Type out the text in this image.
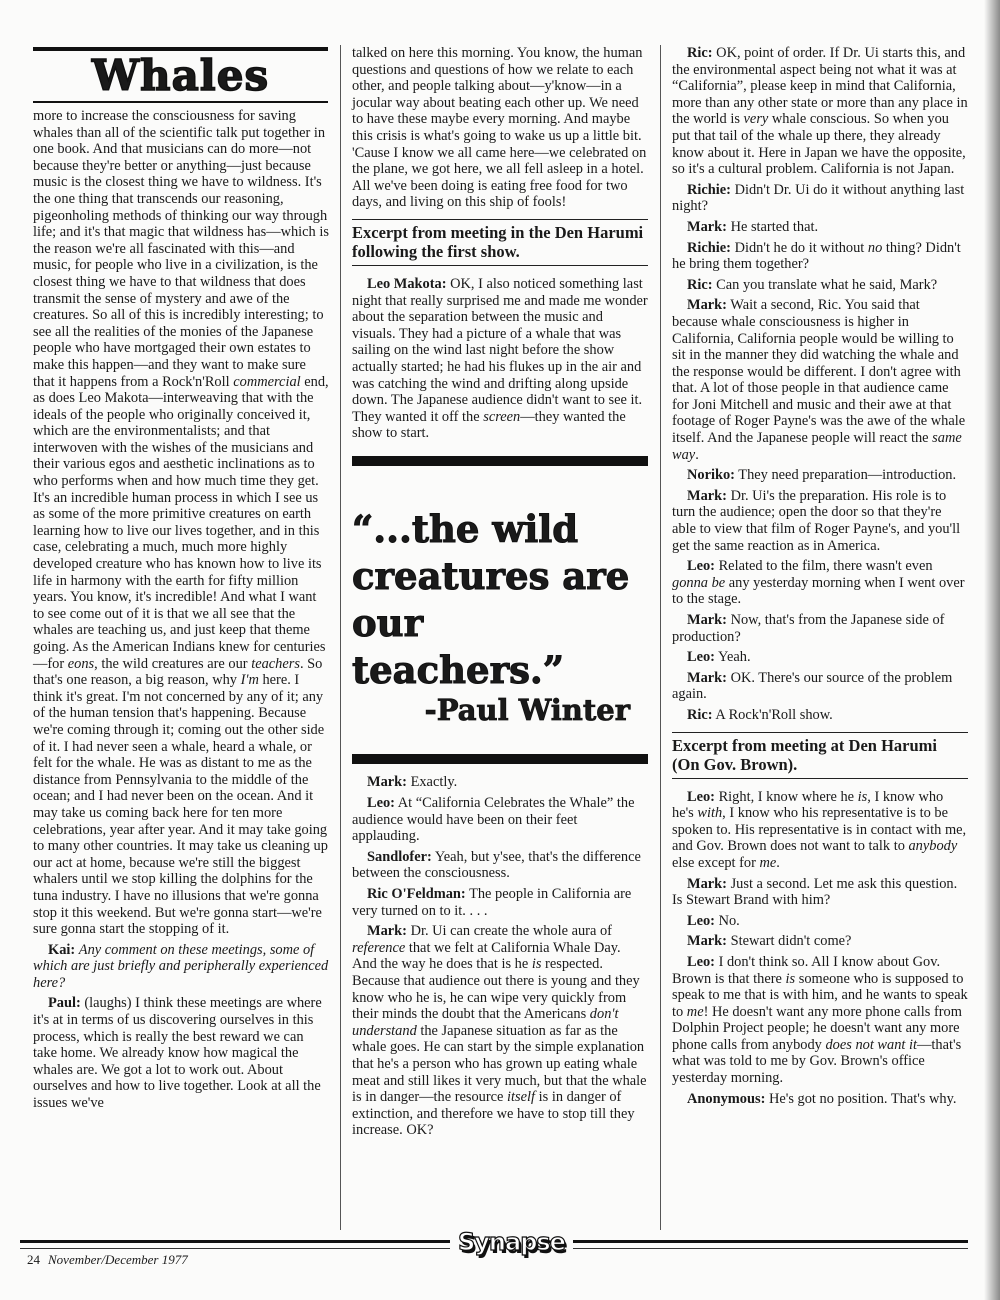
Whales

more to increase the consciousness for saving whales than all of the scientific talk put together in one book. And that musicians can do more—not because they're better or anything—just because music is the closest thing we have to wildness. It's the one thing that transcends our reasoning, pigeonholing methods of thinking our way through life; and it's that magic that wildness has—which is the reason we're all fascinated with this—and music, for people who live in a civilization, is the closest thing we have to that wildness that does transmit the sense of mystery and awe of the creatures. So all of this is incredibly interesting; to see all the realities of the monies of the Japanese people who have mortgaged their own estates to make this happen—and they want to make sure that it happens from a Rock'n'Roll commercial end, as does Leo Makota—interweaving that with the ideals of the people who originally conceived it, which are the environmentalists; and that interwoven with the wishes of the musicians and their various egos and aesthetic inclinations as to who performs when and how much time they get. It's an incredible human process in which I see us as some of the more primitive creatures on earth learning how to live our lives together, and in this case, celebrating a much, much more highly developed creature who has known how to live its life in harmony with the earth for fifty million years. You know, it's incredible! And what I want to see come out of it is that we all see that the whales are teaching us, and just keep that theme going. As the American Indians knew for centuries—for eons, the wild creatures are our teachers. So that's one reason, a big reason, why I'm here. I think it's great. I'm not concerned by any of it; any of the human tension that's happening. Because we're coming through it; coming out the other side of it. I had never seen a whale, heard a whale, or felt for the whale. He was as distant to me as the distance from Pennsylvania to the middle of the ocean; and I had never been on the ocean. And it may take us coming back here for ten more celebrations, year after year. And it may take going to many other countries. It may take us cleaning up our act at home, because we're still the biggest whalers until we stop killing the dolphins for the tuna industry. I have no illusions that we're gonna stop it this weekend. But we're gonna start—we're sure gonna start the stopping of it.

Kai: Any comment on these meetings, some of which are just briefly and peripherally experienced here?

Paul: (laughs) I think these meetings are where it's at in terms of us discovering ourselves in this process, which is really the best reward we can take home. We already know how magical the whales are. We got a lot to work out. About ourselves and how to live together. Look at all the issues we've

talked on here this morning. You know, the human questions and questions of how we relate to each other, and people talking about—y'know—in a jocular way about beating each other up. We need to have these maybe every morning. And maybe this crisis is what's going to wake us up a little bit. 'Cause I know we all came here—we celebrated on the plane, we got here, we all fell asleep in a hotel. All we've been doing is eating free food for two days, and living on this ship of fools!

Excerpt from meeting in the Den Harumi following the first show.

Leo Makota: OK, I also noticed something last night that really surprised me and made me wonder about the separation between the music and visuals. They had a picture of a whale that was sailing on the wind last night before the show actually started; he had his flukes up in the air and was catching the wind and drifting along upside down. The Japanese audience didn't want to see it. They wanted it off the screen—they wanted the show to start.

“...the wild creatures are our teachers.”
-Paul Winter

Mark: Exactly.

Leo: At “California Celebrates the Whale” the audience would have been on their feet applauding.

Sandlofer: Yeah, but y'see, that's the difference between the consciousness.

Ric O'Feldman: The people in California are very turned on to it. . . .

Mark: Dr. Ui can create the whole aura of reference that we felt at California Whale Day. And the way he does that is he is respected. Because that audience out there is young and they know who he is, he can wipe very quickly from their minds the doubt that the Americans don't understand the Japanese situation as far as the whale goes. He can start by the simple explanation that he's a person who has grown up eating whale meat and still likes it very much, but that the whale is in danger—the resource itself is in danger of extinction, and therefore we have to stop till they increase. OK?

Ric: OK, point of order. If Dr. Ui starts this, and the environmental aspect being not what it was at “California”, please keep in mind that California, more than any other state or more than any place in the world is very whale conscious. So when you put that tail of the whale up there, they already know about it. Here in Japan we have the opposite, so it's a cultural problem. California is not Japan.

Richie: Didn't Dr. Ui do it without anything last night?

Mark: He started that.

Richie: Didn't he do it without no thing? Didn't he bring them together?

Ric: Can you translate what he said, Mark?

Mark: Wait a second, Ric. You said that because whale consciousness is higher in California, California people would be willing to sit in the manner they did watching the whale and the response would be different. I don't agree with that. A lot of those people in that audience came for Joni Mitchell and music and their awe at that footage of Roger Payne's was the awe of the whale itself. And the Japanese people will react the same way.

Noriko: They need preparation—introduction.

Mark: Dr. Ui's the preparation. His role is to turn the audience; open the door so that they're able to view that film of Roger Payne's, and you'll get the same reaction as in America.

Leo: Related to the film, there wasn't even gonna be any yesterday morning when I went over to the stage.

Mark: Now, that's from the Japanese side of production?

Leo: Yeah.

Mark: OK. There's our source of the problem again.

Ric: A Rock'n'Roll show.

Excerpt from meeting at Den Harumi (On Gov. Brown).

Leo: Right, I know where he is, I know who he's with, I know who his representative is to be spoken to. His representative is in contact with me, and Gov. Brown does not want to talk to anybody else except for me.

Mark: Just a second. Let me ask this question. Is Stewart Brand with him?

Leo: No.

Mark: Stewart didn't come?

Leo: I don't think so. All I know about Gov. Brown is that there is someone who is supposed to speak to me that is with him, and he wants to speak to me! He doesn't want any more phone calls from Dolphin Project people; he doesn't want any more phone calls from anybody does not want it—that's what was told to me by Gov. Brown's office yesterday morning.

Anonymous: He's got no position. That's why.

Synapse
24 November/December 1977
